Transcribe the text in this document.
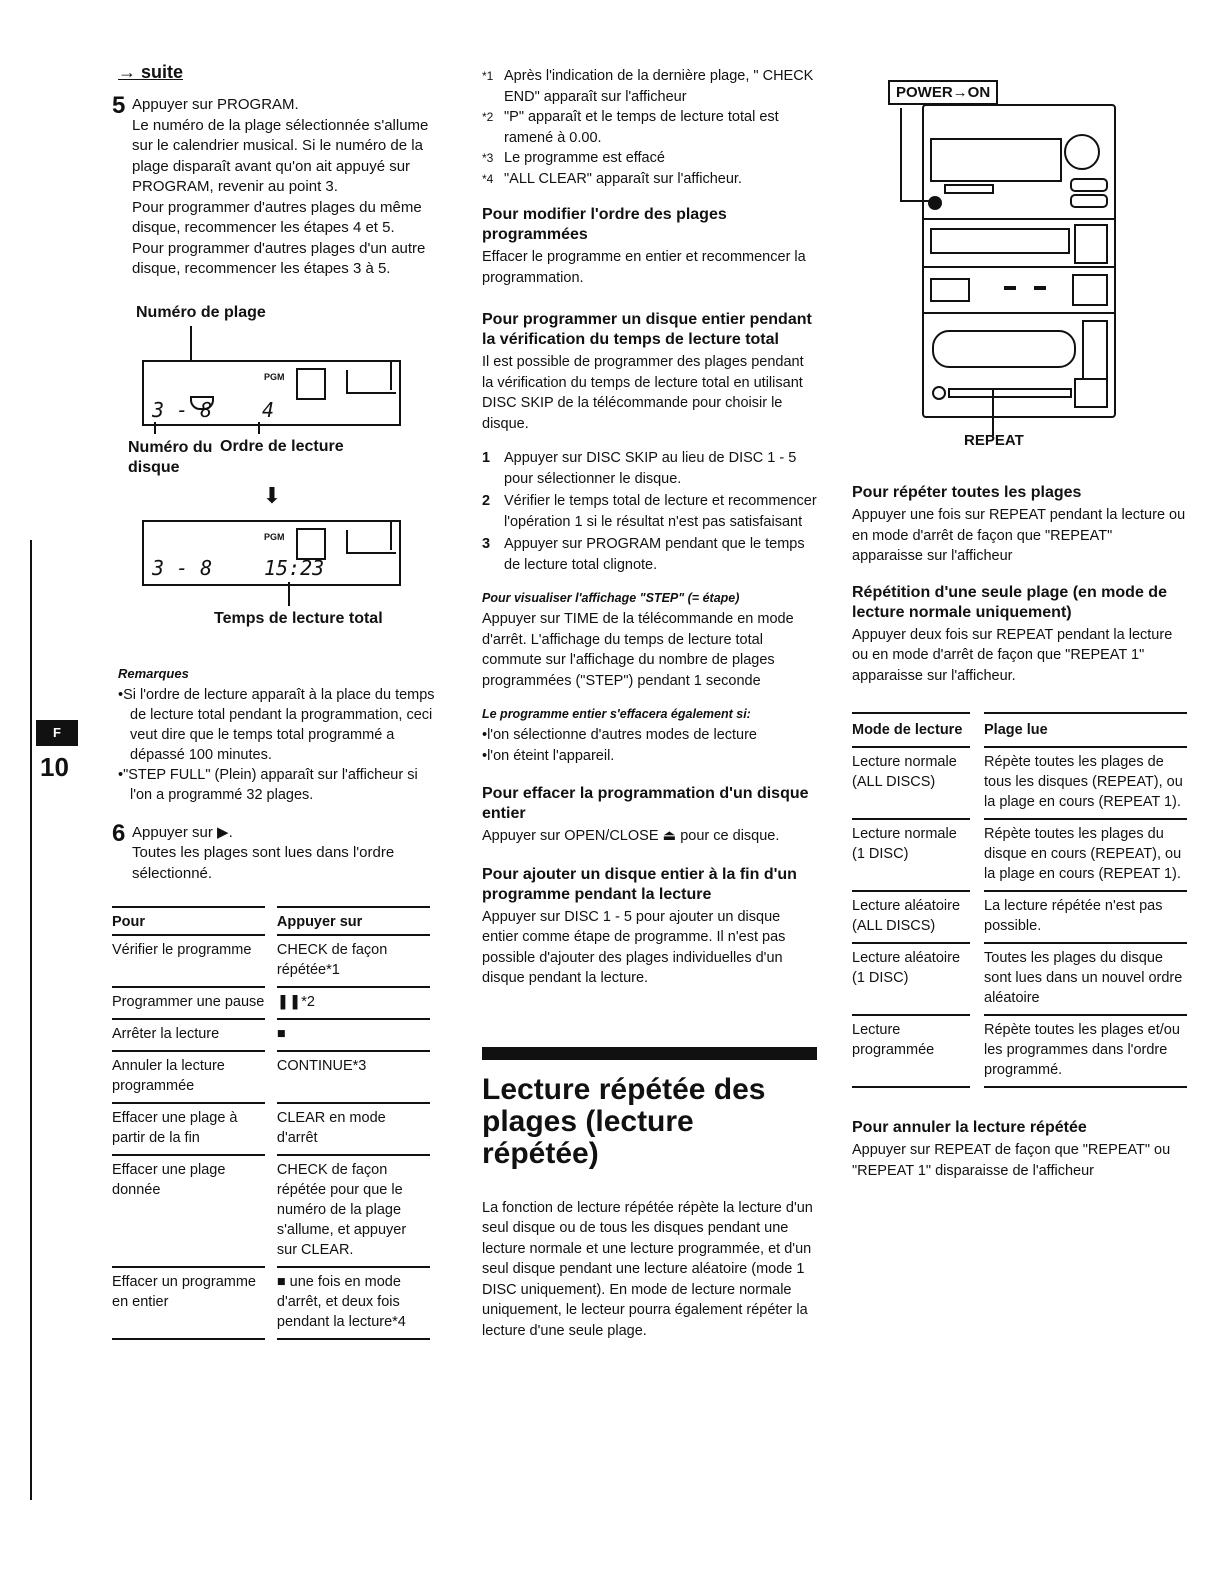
F
10
→ suite
5 Appuyer sur PROGRAM.

Le numéro de la plage sélectionnée s'allume sur le calendrier musical. Si le numéro de la plage disparaît avant qu'on ait appuyé sur PROGRAM, revenir au point 3.

Pour programmer d'autres plages du même disque, recommencer les étapes 4 et 5.

Pour programmer d'autres plages d'un autre disque, recommencer les étapes 3 à 5.

Numéro de plage
PGM
3 - 8 4
Numéro du disque
Ordre de lecture
⬇
PGM
3 - 8	15:23
Temps de lecture total
Remarques
•Si l'ordre de lecture apparaît à la place du temps de lecture total pendant la programmation, ceci veut dire que le temps total programmé a dépassé 100 minutes.
•"STEP FULL" (Plein) apparaît sur l'afficheur si l'on a programmé 32 plages.
6 Appuyer sur ▶.

Toutes les plages sont lues dans l'ordre sélectionné.

Pour	Appuyer sur
Vérifier le programme	CHECK de façon répétée*1
Programmer une pause	❚❚*2
Arrêter la lecture	■
Annuler la lecture programmée	CONTINUE*3
Effacer une plage à partir de la fin	CLEAR en mode d'arrêt
Effacer une plage donnée	CHECK de façon répétée pour que le numéro de la plage s'allume, et appuyer sur CLEAR.
Effacer un programme en entier	■ une fois en mode d'arrêt, et deux fois pendant la lecture*4
*1 Après l'indication de la dernière plage, " CHECK END" apparaît sur l'afficheur
*2 "P" apparaît et le temps de lecture total est ramené à 0.00.
*3 Le programme est effacé
*4 "ALL CLEAR" apparaît sur l'afficheur.
Pour modifier l'ordre des plages programmées

Effacer le programme en entier et recommencer la programmation.

Pour programmer un disque entier pendant la vérification du temps de lecture total

Il est possible de programmer des plages pendant la vérification du temps de lecture total en utilisant DISC SKIP de la télécommande pour choisir le disque.

1 Appuyer sur DISC SKIP au lieu de DISC 1 - 5 pour sélectionner le disque.
2 Vérifier le temps total de lecture et recommencer l'opération 1 si le résultat n'est pas satisfaisant
3 Appuyer sur PROGRAM pendant que le temps de lecture total clignote.
Pour visualiser l'affichage "STEP" (= étape)

Appuyer sur TIME de la télécommande en mode d'arrêt. L'affichage du temps de lecture total commute sur l'affichage du nombre de plages programmées ("STEP") pendant 1 seconde

Le programme entier s'effacera également si:

•l'on sélectionne d'autres modes de lecture

•l'on éteint l'appareil.

Pour effacer la programmation d'un disque entier

Appuyer sur OPEN/CLOSE ⏏ pour ce disque.

Pour ajouter un disque entier à la fin d'un programme pendant la lecture

Appuyer sur DISC 1 - 5 pour ajouter un disque entier comme étape de programme. Il n'est pas possible d'ajouter des plages individuelles d'un disque pendant la lecture.

Lecture répétée des plages (lecture répétée)

La fonction de lecture répétée répète la lecture d'un seul disque ou de tous les disques pendant une lecture normale et une lecture programmée, et d'un seul disque pendant une lecture aléatoire (mode 1 DISC uniquement). En mode de lecture normale uniquement, le lecteur pourra également répéter la lecture d'une seule plage.

POWER→ON
REPEAT
Pour répéter toutes les plages

Appuyer une fois sur REPEAT pendant la lecture ou en mode d'arrêt de façon que "REPEAT" apparaisse sur l'afficheur

Répétition d'une seule plage (en mode de lecture normale uniquement)

Appuyer deux fois sur REPEAT pendant la lecture ou en mode d'arrêt de façon que "REPEAT 1" apparaisse sur l'afficheur.

Mode de lecture	Plage lue
Lecture normale (ALL DISCS)	Répète toutes les plages de tous les disques (REPEAT), ou la plage en cours (REPEAT 1).
Lecture normale (1 DISC)	Répète toutes les plages du disque en cours (REPEAT), ou la plage en cours (REPEAT 1).
Lecture aléatoire (ALL DISCS)	La lecture répétée n'est pas possible.
Lecture aléatoire (1 DISC)	Toutes les plages du disque sont lues dans un nouvel ordre aléatoire
Lecture programmée	Répète toutes les plages et/ou les programmes dans l'ordre programmé.
Pour annuler la lecture répétée

Appuyer sur REPEAT de façon que "REPEAT" ou "REPEAT 1" disparaisse de l'afficheur
